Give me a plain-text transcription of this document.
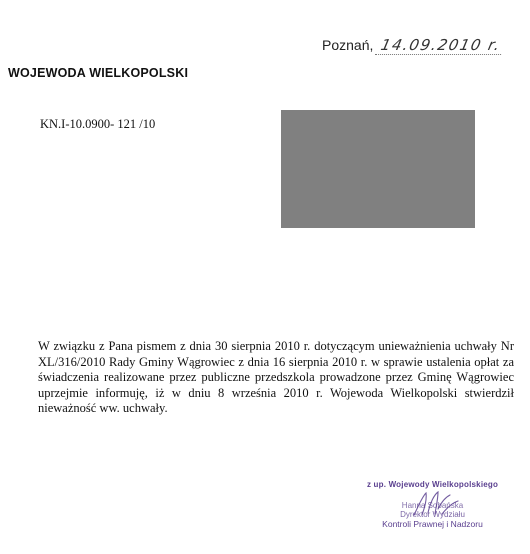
Poznań, 14.09.2010 r.
WOJEWODA WIELKOPOLSKI
KN.I-10.0900- 121 /10

W związku z Pana pismem z dnia 30 sierpnia 2010 r. dotyczącym unieważnienia uchwały Nr XL/316/2010 Rady Gminy Wągrowiec z dnia 16 sierpnia 2010 r. w sprawie ustalenia opłat za świadczenia realizowane przez publiczne przedszkola prowadzone przez Gminę Wągrowiec uprzejmie informuję, iż w dniu 8 września 2010 r. Wojewoda Wielkopolski stwierdził nieważność ww. uchwały.

z up. Wojewody Wielkopolskiego
Hanna Sobańska
Dyrektor Wydziału
Kontroli Prawnej i Nadzoru
